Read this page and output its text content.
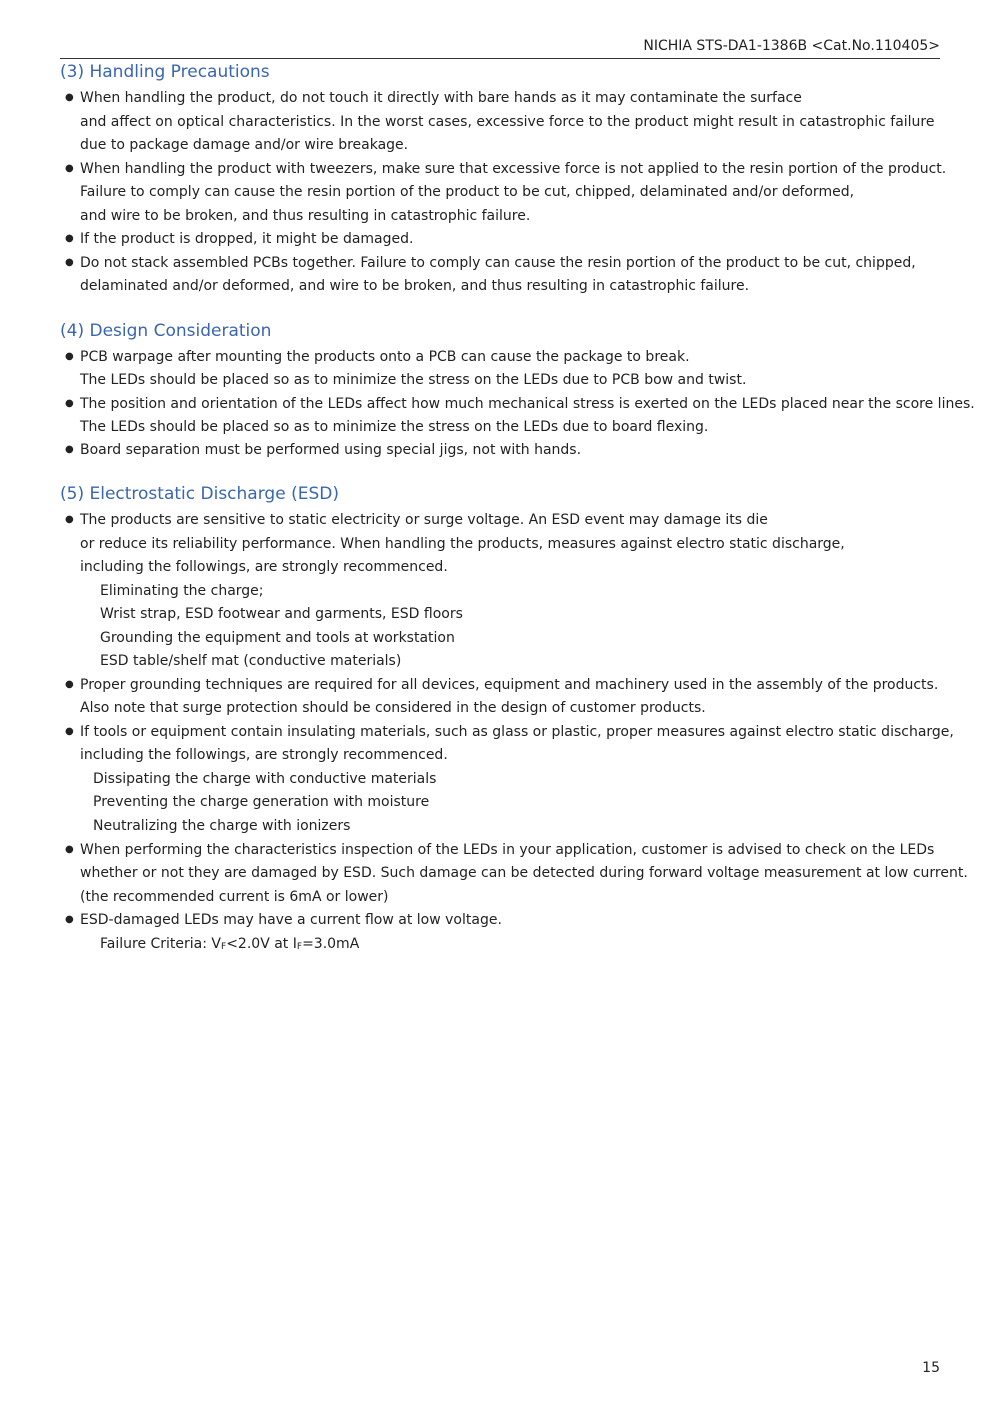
NICHIA STS-DA1-1386B <Cat.No.110405>
(3) Handling Precautions
● When handling the product, do not touch it directly with bare hands as it may contaminate the surface
and affect on optical characteristics. In the worst cases, excessive force to the product might result in catastrophic failure
due to package damage and/or wire breakage.
● When handling the product with tweezers, make sure that excessive force is not applied to the resin portion of the product.
Failure to comply can cause the resin portion of the product to be cut, chipped, delaminated and/or deformed,
and wire to be broken, and thus resulting in catastrophic failure.
● If the product is dropped, it might be damaged.
● Do not stack assembled PCBs together. Failure to comply can cause the resin portion of the product to be cut, chipped,
delaminated and/or deformed, and wire to be broken, and thus resulting in catastrophic failure.
(4) Design Consideration
● PCB warpage after mounting the products onto a PCB can cause the package to break.
The LEDs should be placed so as to minimize the stress on the LEDs due to PCB bow and twist.
● The position and orientation of the LEDs affect how much mechanical stress is exerted on the LEDs placed near the score lines.
The LEDs should be placed so as to minimize the stress on the LEDs due to board flexing.
● Board separation must be performed using special jigs, not with hands.
(5) Electrostatic Discharge (ESD)
● The products are sensitive to static electricity or surge voltage. An ESD event may damage its die
or reduce its reliability performance. When handling the products, measures against electro static discharge,
including the followings, are strongly recommenced.
Eliminating the charge;
Wrist strap, ESD footwear and garments, ESD floors
Grounding the equipment and tools at workstation
ESD table/shelf mat (conductive materials)
● Proper grounding techniques are required for all devices, equipment and machinery used in the assembly of the products.
Also note that surge protection should be considered in the design of customer products.
● If tools or equipment contain insulating materials, such as glass or plastic, proper measures against electro static discharge,
including the followings, are strongly recommenced.
Dissipating the charge with conductive materials
Preventing the charge generation with moisture
Neutralizing the charge with ionizers
● When performing the characteristics inspection of the LEDs in your application, customer is advised to check on the LEDs
whether or not they are damaged by ESD. Such damage can be detected during forward voltage measurement at low current.
(the recommended current is 6mA or lower)
● ESD-damaged LEDs may have a current flow at low voltage.
Failure Criteria: $V_F<2.0V$ at $I_F=3.0mA$
15
